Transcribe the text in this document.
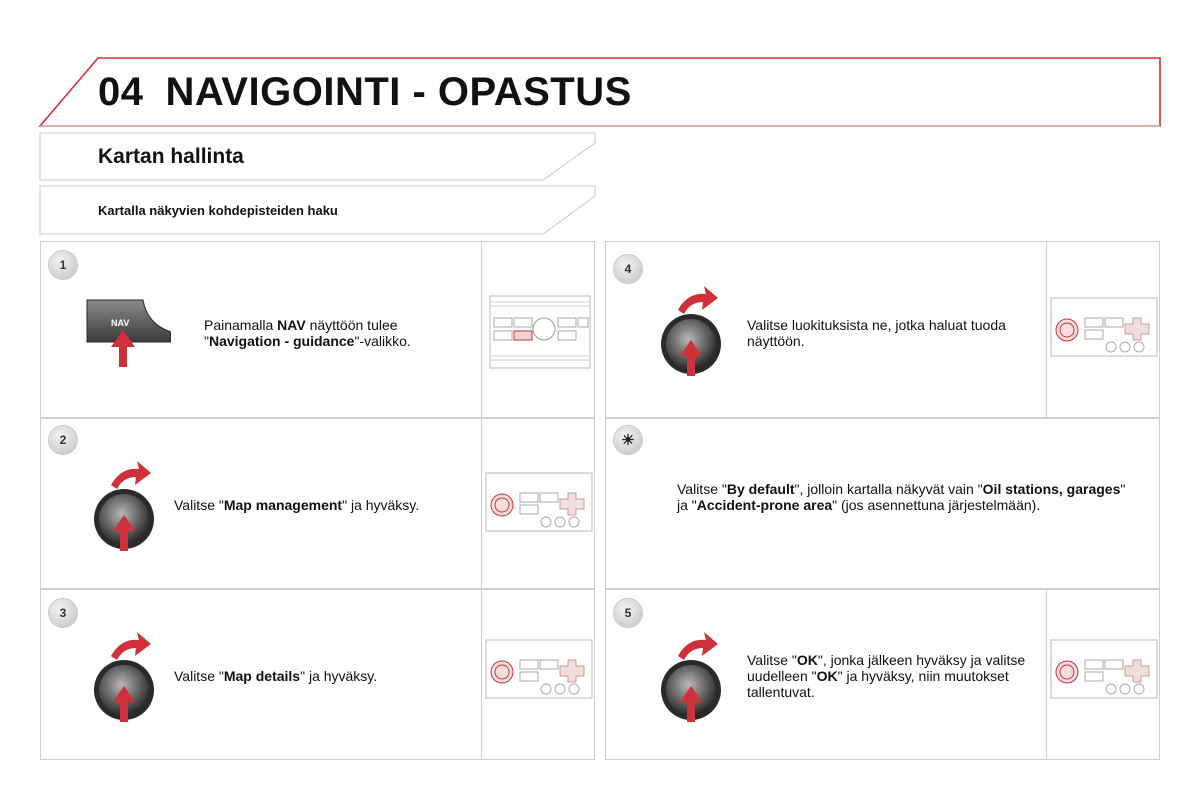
04 NAVIGOINTI - OPASTUS
Kartan hallinta
Kartalla näkyvien kohdepisteiden haku
1
NAV	Painamalla NAV näyttöön tulee
"Navigation - guidance"-valikko.
2
Valitse "Map management" ja hyväksy.
3
Valitse "Map details" ja hyväksy.
4
Valitse luokituksista ne, jotka haluat tuoda näyttöön.
☀
Valitse "By default", jolloin kartalla näkyvät vain "Oil stations, garages" ja "Accident-prone area" (jos asennettuna järjestelmään).
5
Valitse "OK", jonka jälkeen hyväksy ja valitse uudelleen "OK" ja hyväksy, niin muutokset tallentuvat.
